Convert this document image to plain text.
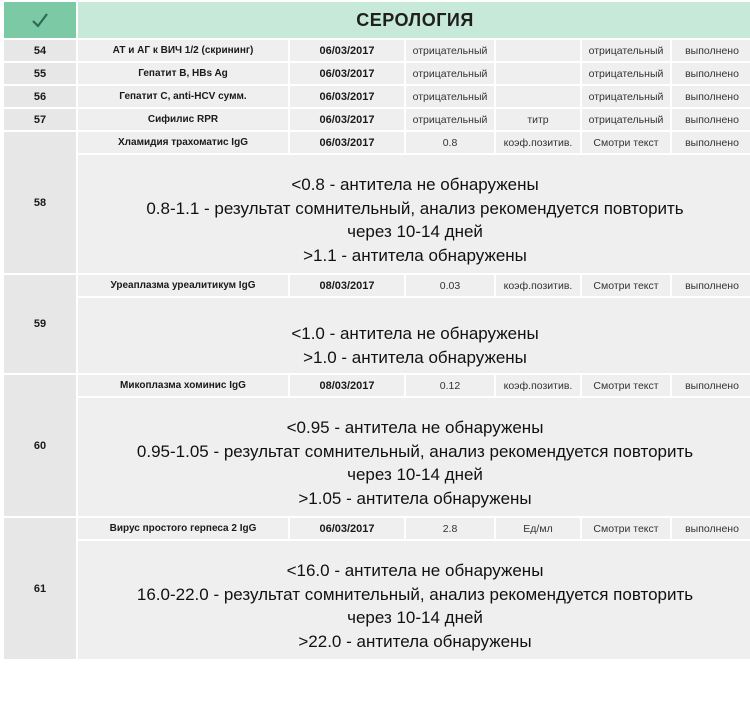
	СЕРОЛОГИЯ					
54	АТ и АГ к ВИЧ 1/2 (скрининг)	06/03/2017	отрицательный		отрицательный	выполнено
55	Гепатит В, HBs Ag	06/03/2017	отрицательный		отрицательный	выполнено
56	Гепатит С, anti-HCV сумм.	06/03/2017	отрицательный		отрицательный	выполнено
57	Сифилис RPR	06/03/2017	отрицательный	титр	отрицательный	выполнено
58	Хламидия трахоматис IgG	06/03/2017	0.8	коэф.позитив.	Смотри текст	выполнено

	<0.8 - антитела не обнаружены
0.8-1.1 - результат сомнительный, анализ рекомендуется повторить
через 10-14 дней
>1.1 - антитела обнаружены					

59	Уреаплазма уреалитикум IgG	08/03/2017	0.03	коэф.позитив.	Смотри текст	выполнено

	<1.0 - антитела не обнаружены
>1.0 - антитела обнаружены					

60	Микоплазма хоминис IgG	08/03/2017	0.12	коэф.позитив.	Смотри текст	выполнено

	<0.95 - антитела не обнаружены
0.95-1.05 - результат сомнительный, анализ рекомендуется повторить
через 10-14 дней
>1.05 - антитела обнаружены					

61	Вирус простого герпеса 2 IgG	06/03/2017	2.8	Ед/мл	Смотри текст	выполнено

	<16.0 - антитела не обнаружены
16.0-22.0 - результат сомнительный, анализ рекомендуется повторить
через 10-14 дней
>22.0 - антитела обнаружены					
